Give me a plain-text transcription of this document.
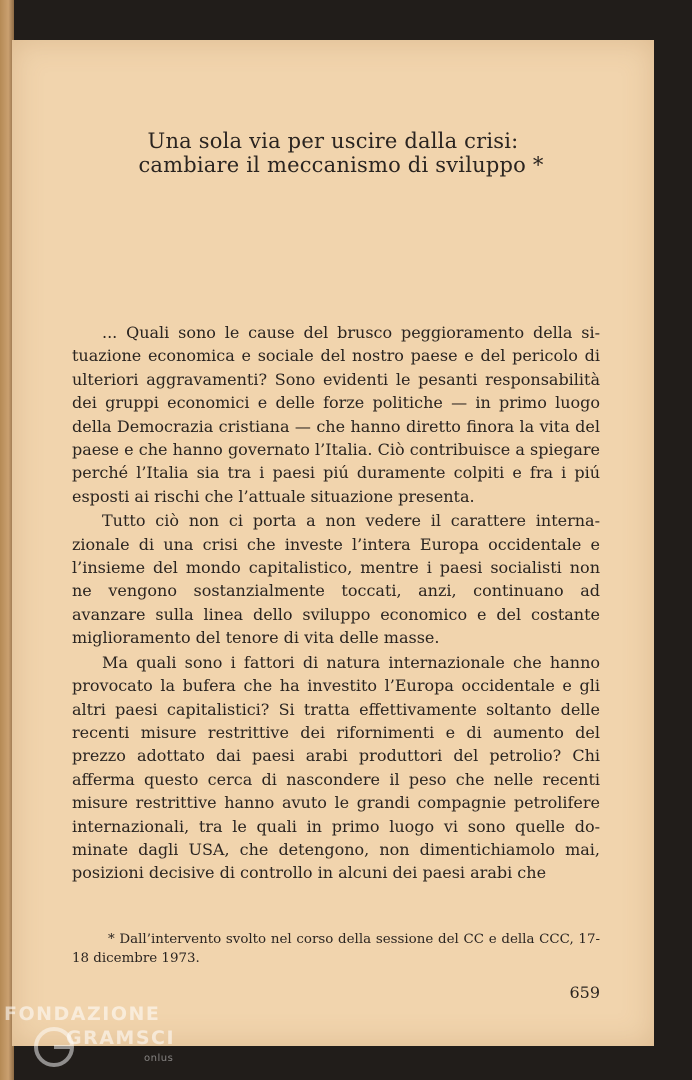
Una sola via per uscire dalla crisi:
cambiare il meccanismo di sviluppo *

... Quali sono le cause del brusco peggioramento della situazione economica e sociale del nostro paese e del pericolo di ulteriori aggravamenti? Sono evidenti le pesanti responsabilità dei gruppi economici e delle forze politiche — in primo luogo della Democrazia cristiana — che hanno diretto finora la vita del paese e che hanno governato l’Italia. Ciò contribuisce a spiegare perché l’Italia sia tra i paesi piú duramente colpiti e fra i piú esposti ai rischi che l’attuale situazione presenta.

Tutto ciò non ci porta a non vedere il carattere internazionale di una crisi che investe l’intera Europa occidentale e l’insieme del mondo capitalistico, mentre i paesi socialisti non ne vengono sostanzialmente toccati, anzi, continuano ad avanzare sulla linea dello sviluppo economico e del costante miglioramento del tenore di vita delle masse.

Ma quali sono i fattori di natura internazionale che hanno provocato la bufera che ha investito l’Europa occidentale e gli altri paesi capitalistici? Si tratta effettivamente soltanto delle recenti misure restrittive dei rifornimenti e di aumento del prezzo adottato dai paesi arabi produttori del petrolio? Chi afferma questo cerca di nascondere il peso che nelle recenti misure restrittive hanno avuto le grandi compagnie petrolifere internazionali, tra le quali in primo luogo vi sono quelle dominate dagli USA, che detengono, non dimentichiamolo mai, posizioni decisive di controllo in alcuni dei paesi arabi che

* Dall’intervento svolto nel corso della sessione del CC e della CCC, 17-18 dicembre 1973.
659
FONDAZIONE
GRAMSCI
onlus
